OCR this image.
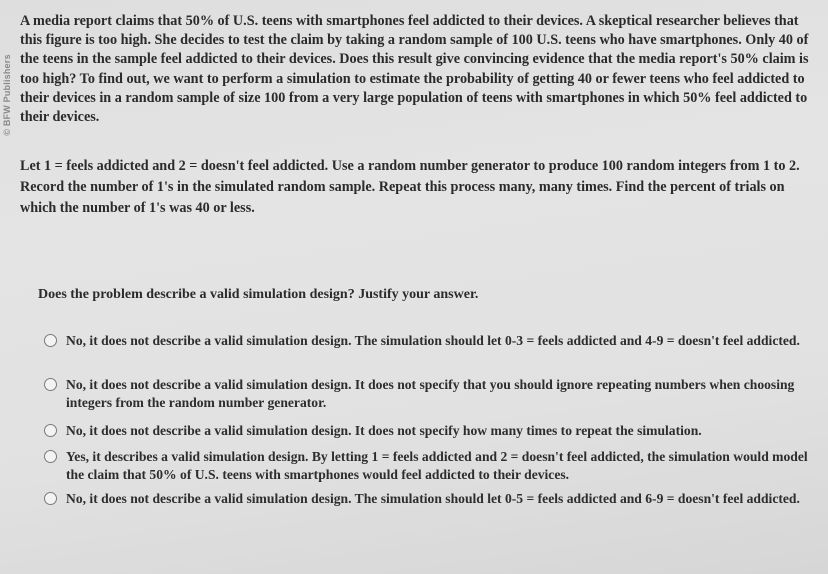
© BFW Publishers

A media report claims that 50% of U.S. teens with smartphones feel addicted to their devices. A skeptical researcher believes that this figure is too high. She decides to test the claim by taking a random sample of 100 U.S. teens who have smartphones. Only 40 of the teens in the sample feel addicted to their devices. Does this result give convincing evidence that the media report's 50% claim is too high? To find out, we want to perform a simulation to estimate the probability of getting 40 or fewer teens who feel addicted to their devices in a random sample of size 100 from a very large population of teens with smartphones in which 50% feel addicted to their devices.

Let 1 = feels addicted and 2 = doesn't feel addicted. Use a random number generator to produce 100 random integers from 1 to 2. Record the number of 1's in the simulated random sample. Repeat this process many, many times. Find the percent of trials on which the number of 1's was 40 or less.

Does the problem describe a valid simulation design? Justify your answer.

No, it does not describe a valid simulation design. The simulation should let 0-3 = feels addicted and 4-9 = doesn't feel addicted.
No, it does not describe a valid simulation design. It does not specify that you should ignore repeating numbers when choosing integers from the random number generator.
No, it does not describe a valid simulation design. It does not specify how many times to repeat the simulation.
Yes, it describes a valid simulation design. By letting 1 = feels addicted and 2 = doesn't feel addicted, the simulation would model the claim that 50% of U.S. teens with smartphones would feel addicted to their devices.
No, it does not describe a valid simulation design. The simulation should let 0-5 = feels addicted and 6-9 = doesn't feel addicted.
